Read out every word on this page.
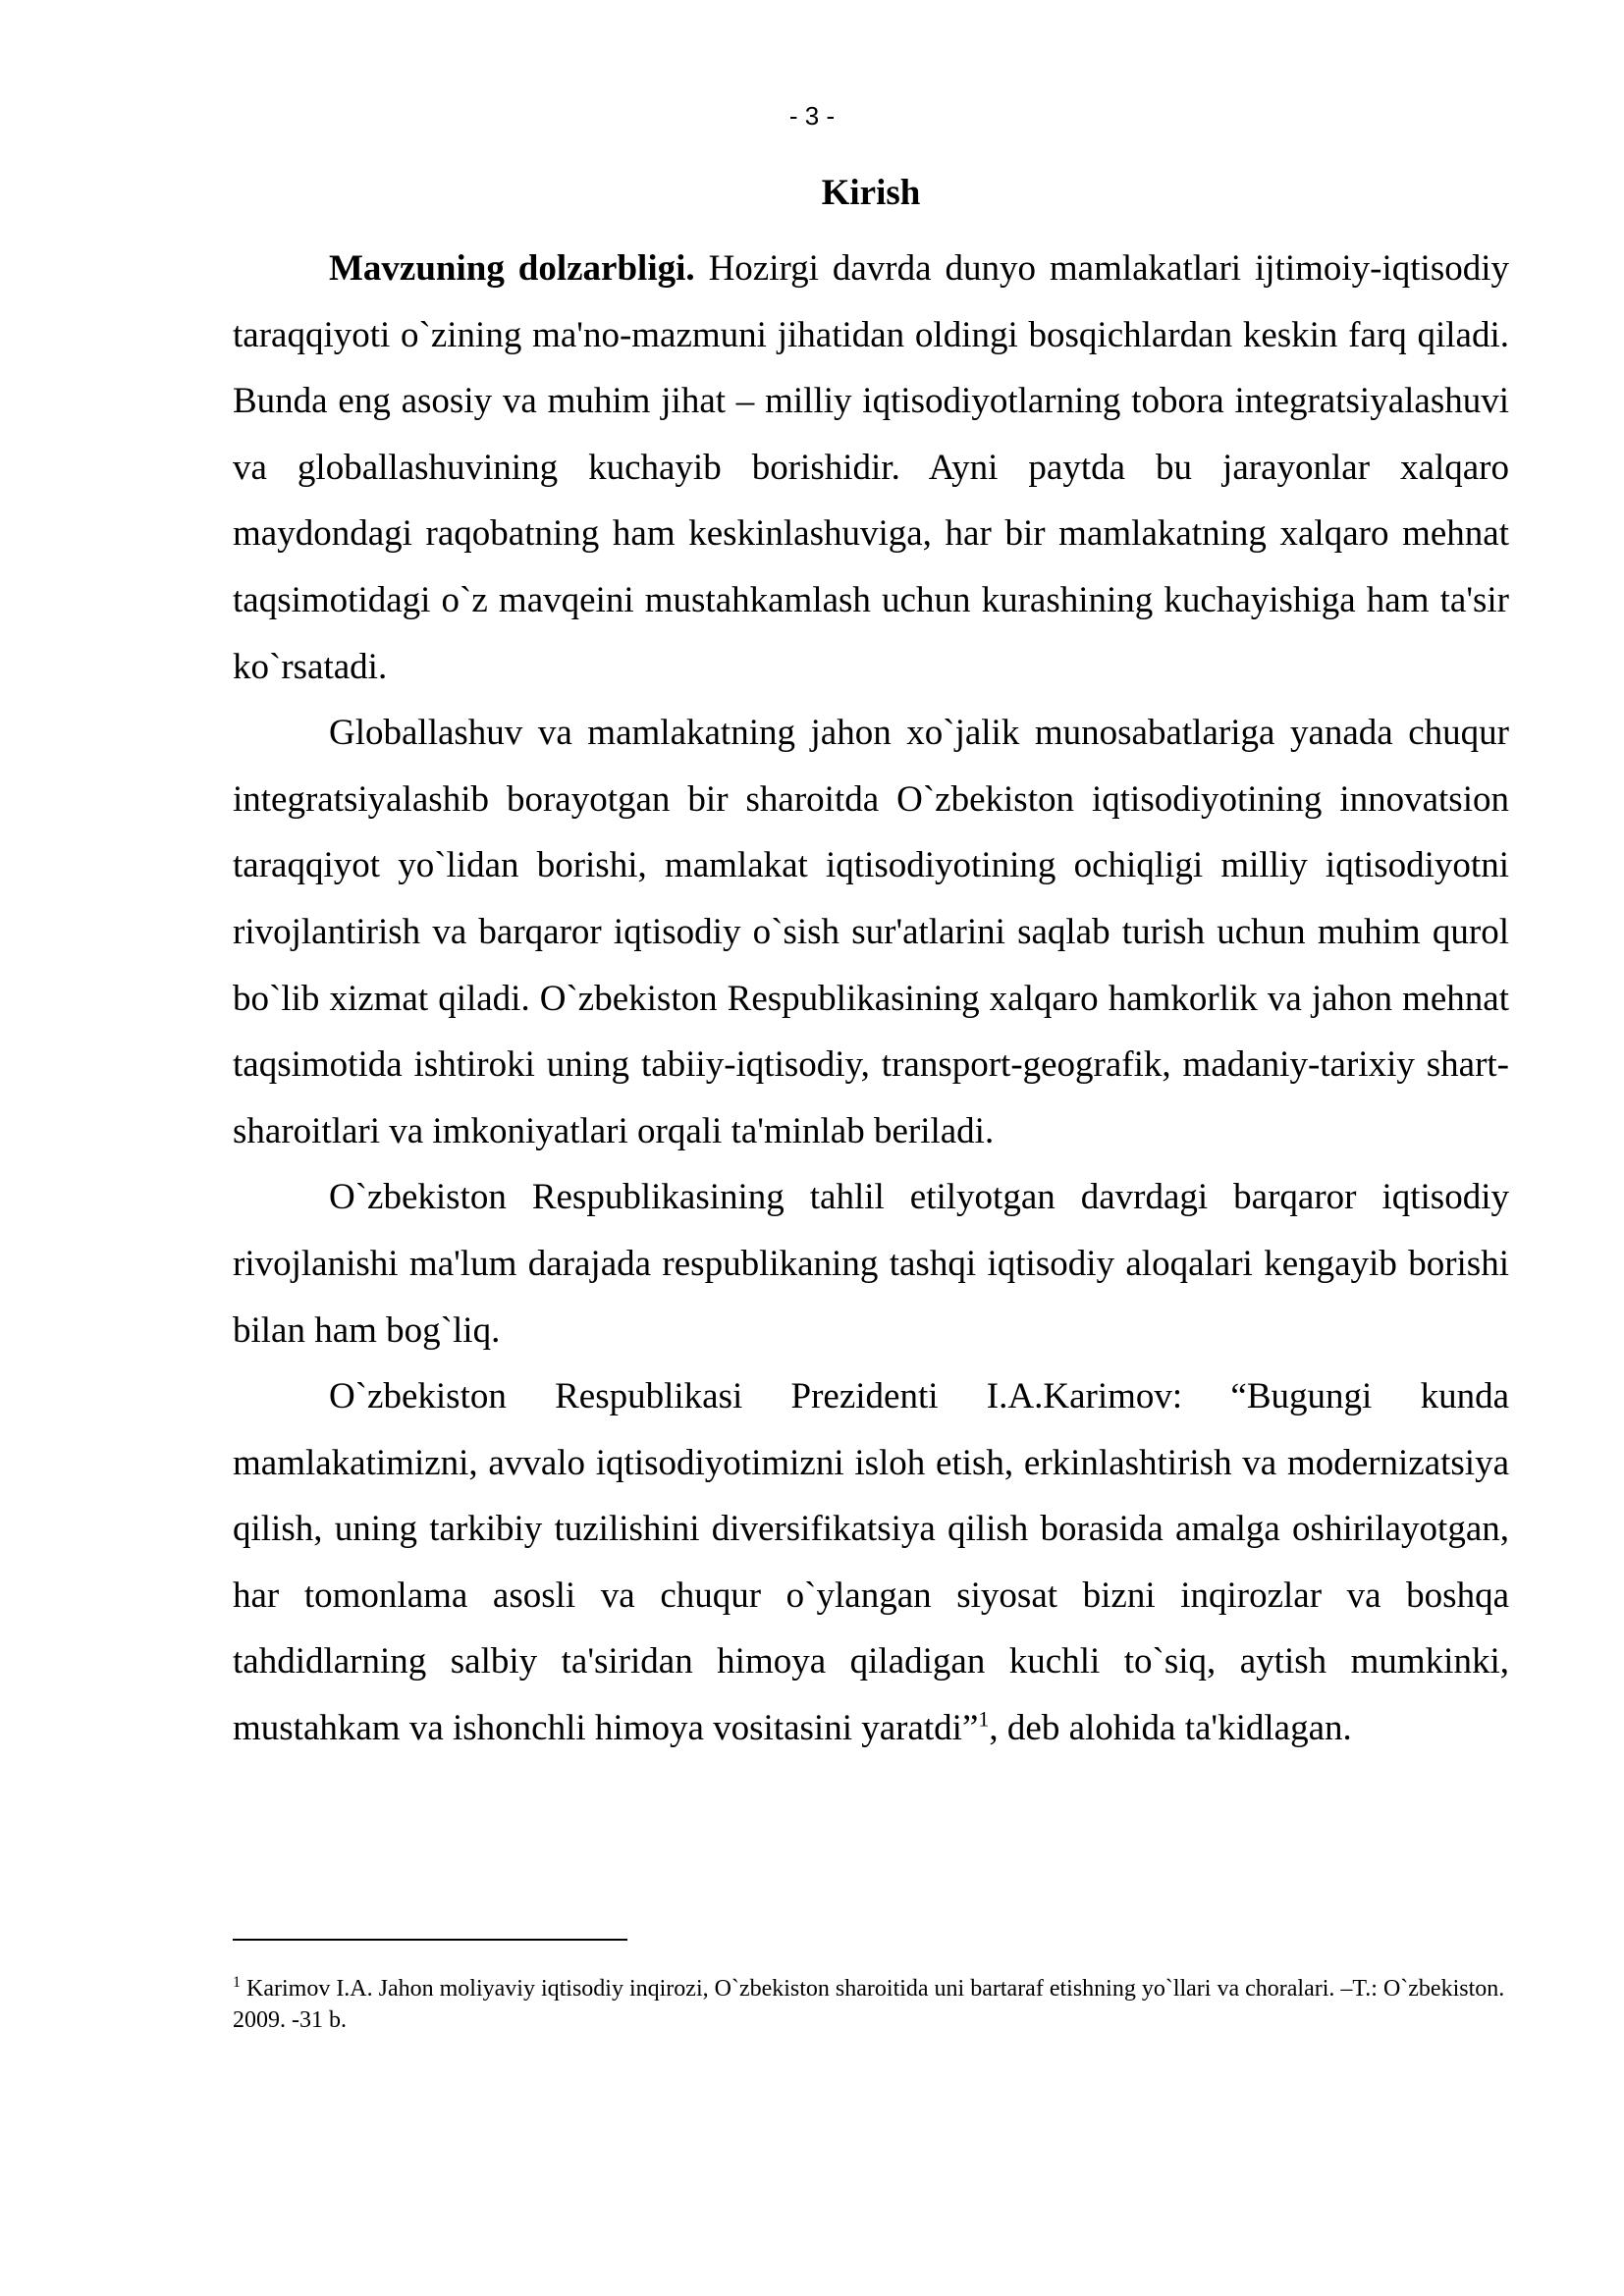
- 3 -
Kirish

Mavzuning dolzarbligi. Hozirgi davrda dunyo mamlakatlari ijtimoiy-iqtisodiy taraqqiyoti o`zining ma'no-mazmuni jihatidan oldingi bosqichlardan keskin farq qiladi. Bunda eng asosiy va muhim jihat – milliy iqtisodiyotlarning tobora integratsiyalashuvi va globallashuvining kuchayib borishidir. Ayni paytda bu jarayonlar xalqaro maydondagi raqobatning ham keskinlashuviga, har bir mamlakatning xalqaro mehnat taqsimotidagi o`z mavqeini mustahkamlash uchun kurashining kuchayishiga ham ta'sir ko`rsatadi.

Globallashuv va mamlakatning jahon xo`jalik munosabatlariga yanada chuqur integratsiyalashib borayotgan bir sharoitda O`zbekiston iqtisodiyotining innovatsion taraqqiyot yo`lidan borishi, mamlakat iqtisodiyotining ochiqligi milliy iqtisodiyotni rivojlantirish va barqaror iqtisodiy o`sish sur'atlarini saqlab turish uchun muhim qurol bo`lib xizmat qiladi. O`zbekiston Respublikasining xalqaro hamkorlik va jahon mehnat taqsimotida ishtiroki uning tabiiy-iqtisodiy, transport-geografik, madaniy-tarixiy shart-sharoitlari va imkoniyatlari orqali ta'minlab beriladi.

O`zbekiston Respublikasining tahlil etilyotgan davrdagi barqaror iqtisodiy rivojlanishi ma'lum darajada respublikaning tashqi iqtisodiy aloqalari kengayib borishi bilan ham bog`liq.

O`zbekiston Respublikasi Prezidenti I.A.Karimov: “Bugungi kunda mamlakatimizni, avvalo iqtisodiyotimizni isloh etish, erkinlashtirish va modernizatsiya qilish, uning tarkibiy tuzilishini diversifikatsiya qilish borasida amalga oshirilayotgan, har tomonlama asosli va chuqur o`ylangan siyosat bizni inqirozlar va boshqa tahdidlarning salbiy ta'siridan himoya qiladigan kuchli to`siq, aytish mumkinki, mustahkam va ishonchli himoya vositasini yaratdi”$^1$, deb alohida ta'kidlagan.

$^1$ Karimov I.A. Jahon moliyaviy iqtisodiy inqirozi, O`zbekiston sharoitida uni bartaraf etishning yo`llari va choralari. –T.: O`zbekiston. 2009. -31 b.
